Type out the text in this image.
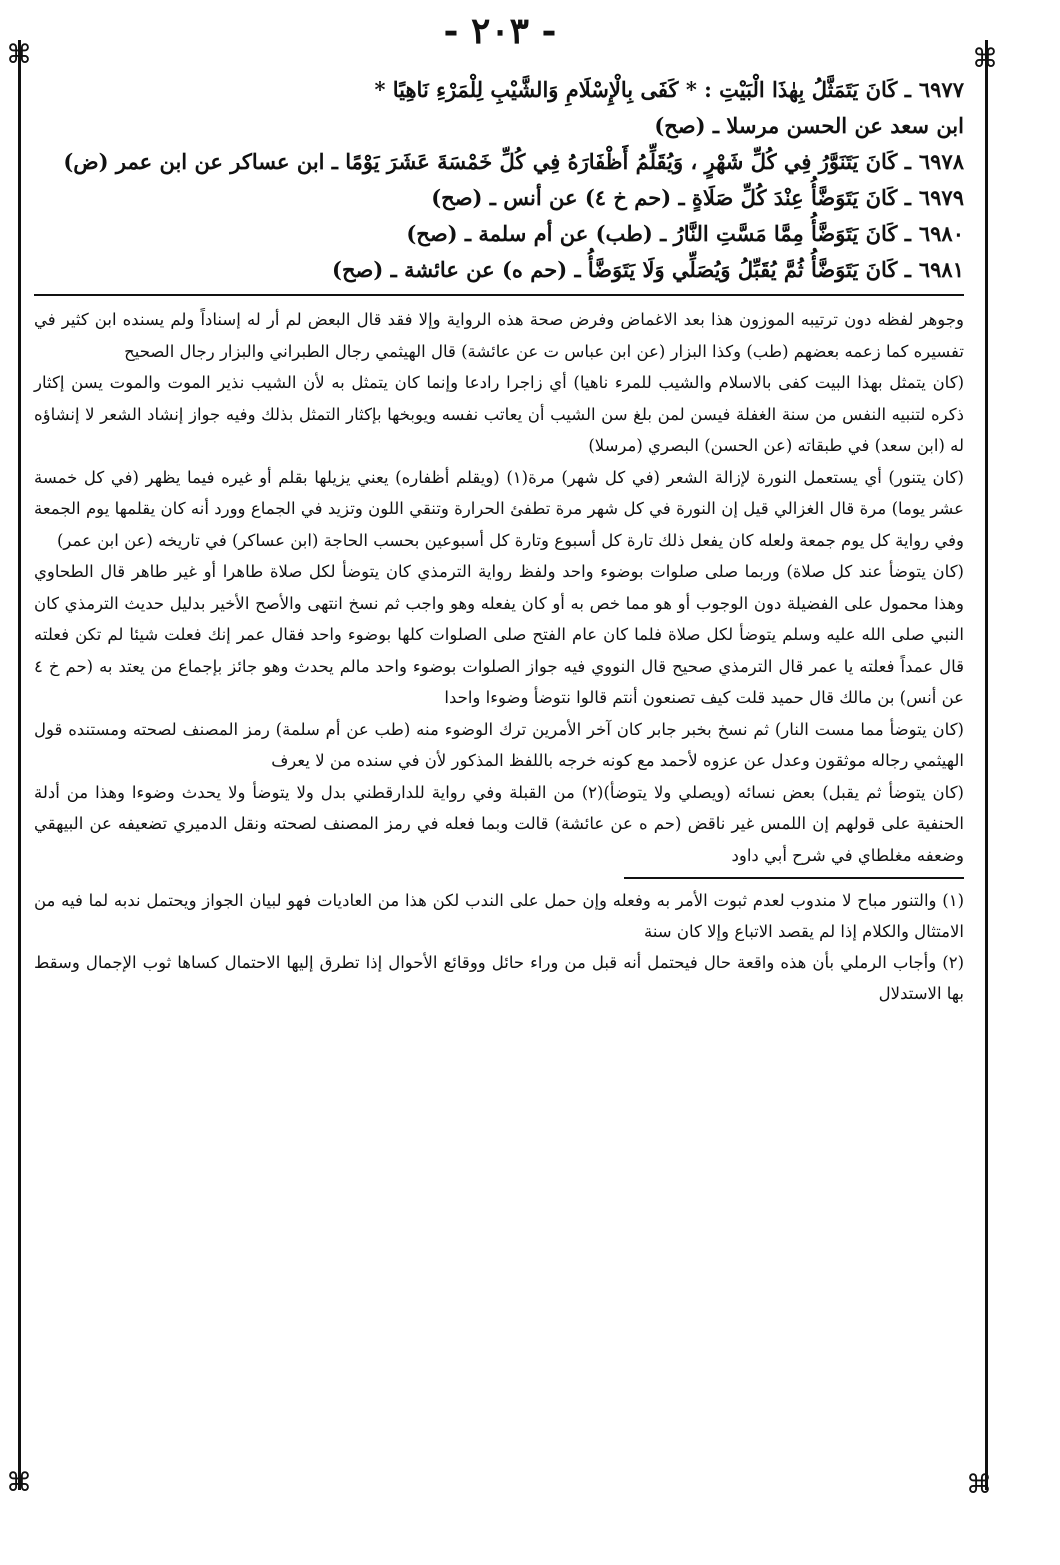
⌘	⌘
⌘	⌘
- ٢٠٣ -
٦٩٧٧ـ كَانَ يَتَمَثَّلُ بِهٰذَا الْبَيْتِ : * كَفَى بِالْإِسْلَامِ وَالشَّيْبِ لِلْمَرْءِ نَاهِيًا *
ابن سعد عن الحسن مرسلا ـ (صح)
٦٩٧٨ـ كَانَ يَتَنَوَّرُ فِي كُلِّ شَهْرٍ ، وَيُقَلِّمُ أَظْفَارَهُ فِي كُلِّ خَمْسَةَ عَشَرَ يَوْمًا ـ ابن عساكر عن ابن عمر (ض)
٦٩٧٩ـ كَانَ يَتَوَضَّأُ عِنْدَ كُلِّ صَلَاةٍ ـ (حم خ ٤) عن أنس ـ (صح)
٦٩٨٠ـ كَانَ يَتَوَضَّأُ مِمَّا مَسَّتِ النَّارُ ـ (طب) عن أم سلمة ـ (صح)
٦٩٨١ـ كَانَ يَتَوَضَّأُ ثُمَّ يُقَبِّلُ وَيُصَلِّي وَلَا يَتَوَضَّأُ ـ (حم ه) عن عائشة ـ (صح)

وجوهر لفظه دون ترتيبه الموزون هذا بعد الاغماض وفرض صحة هذه الرواية وإلا فقد قال البعض لم أر له إسناداً ولم يسنده ابن كثير في تفسيره كما زعمه بعضهم (طب) وكذا البزار (عن ابن عباس ت عن عائشة) قال الهيثمي رجال الطبراني والبزار رجال الصحيح

(كان يتمثل بهذا البيت كفى بالاسلام والشيب للمرء ناهيا) أي زاجرا رادعا وإنما كان يتمثل به لأن الشيب نذير الموت والموت يسن إكثار ذكره لتنبيه النفس من سنة الغفلة فيسن لمن بلغ سن الشيب أن يعاتب نفسه ويوبخها بإكثار التمثل بذلك وفيه جواز إنشاد الشعر لا إنشاؤه له (ابن سعد) في طبقاته (عن الحسن) البصري (مرسلا)

(كان يتنور) أي يستعمل النورة لإزالة الشعر (في كل شهر) مرة(١) (ويقلم أظفاره) يعني يزيلها بقلم أو غيره فيما يظهر (في كل خمسة عشر يوما) مرة قال الغزالي قيل إن النورة في كل شهر مرة تطفئ الحرارة وتنقي اللون وتزيد في الجماع وورد أنه كان يقلمها يوم الجمعة وفي رواية كل يوم جمعة ولعله كان يفعل ذلك تارة كل أسبوع وتارة كل أسبوعين بحسب الحاجة (ابن عساكر) في تاريخه (عن ابن عمر)

(كان يتوضأ عند كل صلاة) وربما صلى صلوات بوضوء واحد ولفظ رواية الترمذي كان يتوضأ لكل صلاة طاهرا أو غير طاهر قال الطحاوي وهذا محمول على الفضيلة دون الوجوب أو هو مما خص به أو كان يفعله وهو واجب ثم نسخ انتهى والأصح الأخير بدليل حديث الترمذي كان النبي صلى الله عليه وسلم يتوضأ لكل صلاة فلما كان عام الفتح صلى الصلوات كلها بوضوء واحد فقال عمر إنك فعلت شيئا لم تكن فعلته قال عمداً فعلته يا عمر قال الترمذي صحيح قال النووي فيه جواز الصلوات بوضوء واحد مالم يحدث وهو جائز بإجماع من يعتد به (حم خ ٤ عن أنس) بن مالك قال حميد قلت كيف تصنعون أنتم قالوا نتوضأ وضوءا واحدا

(كان يتوضأ مما مست النار) ثم نسخ بخبر جابر كان آخر الأمرين ترك الوضوء منه (طب عن أم سلمة) رمز المصنف لصحته ومستنده قول الهيثمي رجاله موثقون وعدل عن عزوه لأحمد مع كونه خرجه باللفظ المذكور لأن في سنده من لا يعرف

(كان يتوضأ ثم يقبل) بعض نسائه (ويصلي ولا يتوضأ)(٢) من القبلة وفي رواية للدارقطني بدل ولا يتوضأ ولا يحدث وضوءا وهذا من أدلة الحنفية على قولهم إن اللمس غير ناقض (حم ه عن عائشة) قالت وبما فعله في رمز المصنف لصحته ونقل الدميري تضعيفه عن البيهقي وضعفه مغلطاي في شرح أبي داود

(١) والتنور مباح لا مندوب لعدم ثبوت الأمر به وفعله وإن حمل على الندب لكن هذا من العاديات فهو لبيان الجواز ويحتمل ندبه لما فيه من الامتثال والكلام إذا لم يقصد الاتباع وإلا كان سنة

(٢) وأجاب الرملي بأن هذه واقعة حال فيحتمل أنه قبل من وراء حائل ووقائع الأحوال إذا تطرق إليها الاحتمال كساها ثوب الإجمال وسقط بها الاستدلال
